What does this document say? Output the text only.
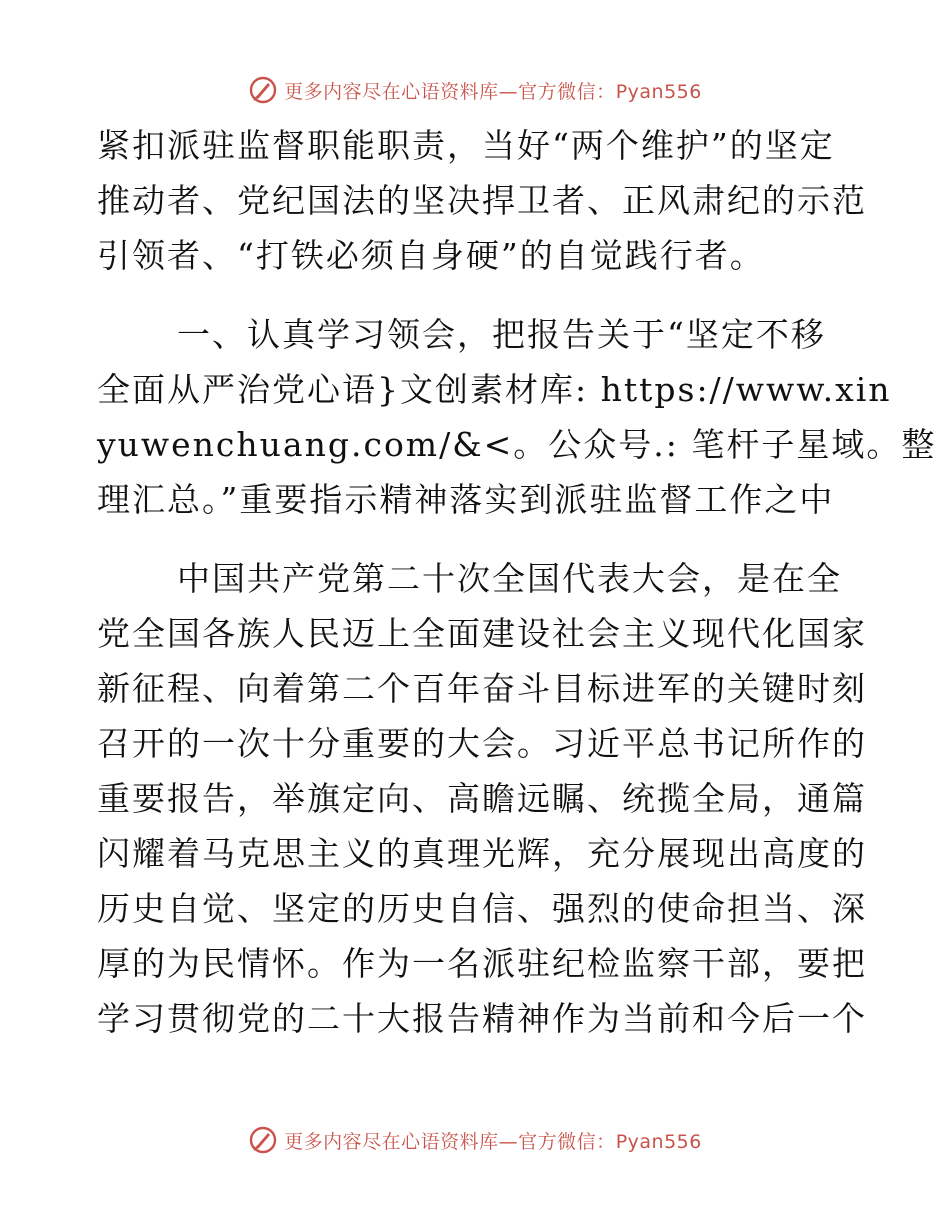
更多内容尽在心语资料库—官方微信：Pyan556
紧扣派驻监督职能职责，当好“两个维护”的坚定
推动者、党纪国法的坚决捍卫者、正风肃纪的示范
引领者、“打铁必须自身硬”的自觉践行者。
一、认真学习领会，把报告关于“坚定不移
全面从严治党心语}文创素材库: https://www.xin
yuwenchuang.com/&<。公众号.: 笔杆子星域。整
理汇总。”重要指示精神落实到派驻监督工作之中
中国共产党第二十次全国代表大会，是在全
党全国各族人民迈上全面建设社会主义现代化国家
新征程、向着第二个百年奋斗目标进军的关键时刻
召开的一次十分重要的大会。习近平总书记所作的
重要报告，举旗定向、高瞻远瞩、统揽全局，通篇
闪耀着马克思主义的真理光辉，充分展现出高度的
历史自觉、坚定的历史自信、强烈的使命担当、深
厚的为民情怀。作为一名派驻纪检监察干部，要把
学习贯彻党的二十大报告精神作为当前和今后一个
更多内容尽在心语资料库—官方微信：Pyan556
